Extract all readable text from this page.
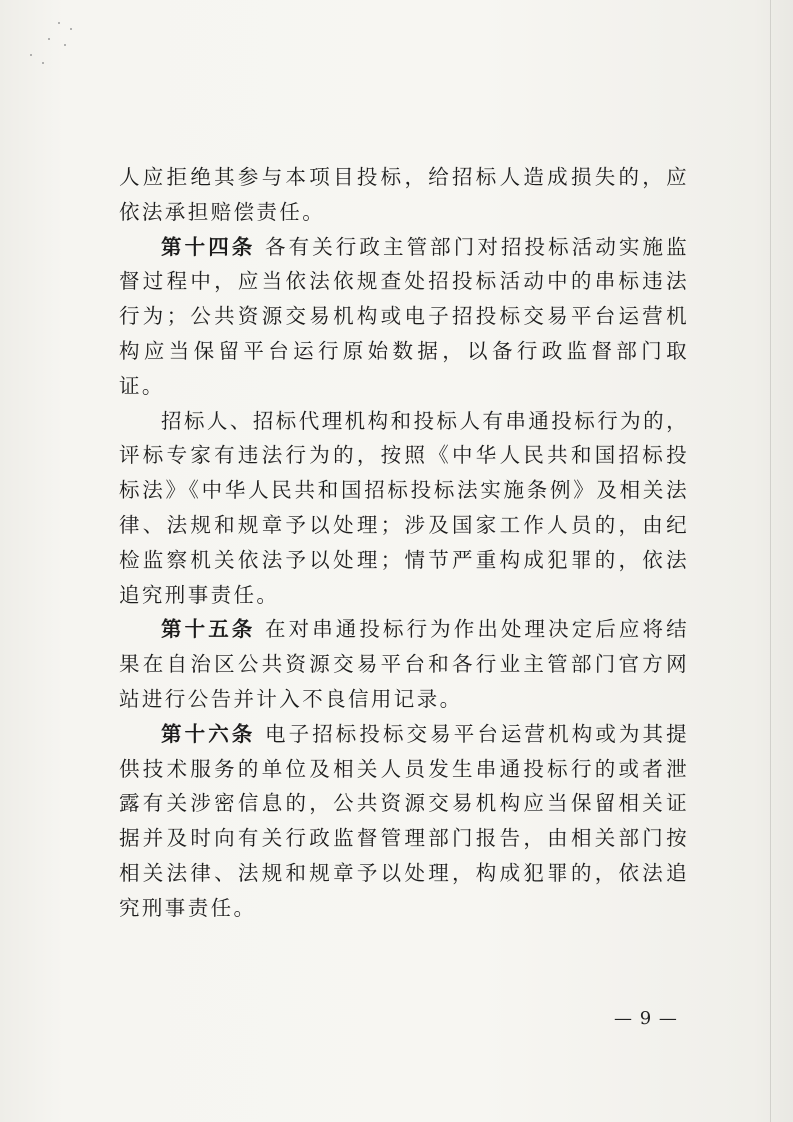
人应拒绝其参与本项目投标，给招标人造成损失的，应依法承担赔偿责任。

第十四条 各有关行政主管部门对招投标活动实施监督过程中，应当依法依规查处招投标活动中的串标违法行为；公共资源交易机构或电子招投标交易平台运营机构应当保留平台运行原始数据，以备行政监督部门取证。

招标人、招标代理机构和投标人有串通投标行为的，评标专家有违法行为的，按照《中华人民共和国招标投标法》《中华人民共和国招标投标法实施条例》及相关法律、法规和规章予以处理；涉及国家工作人员的，由纪检监察机关依法予以处理；情节严重构成犯罪的，依法追究刑事责任。

第十五条 在对串通投标行为作出处理决定后应将结果在自治区公共资源交易平台和各行业主管部门官方网站进行公告并计入不良信用记录。

第十六条 电子招标投标交易平台运营机构或为其提供技术服务的单位及相关人员发生串通投标行的或者泄露有关涉密信息的，公共资源交易机构应当保留相关证据并及时向有关行政监督管理部门报告，由相关部门按相关法律、法规和规章予以处理，构成犯罪的，依法追究刑事责任。

— 9 —
